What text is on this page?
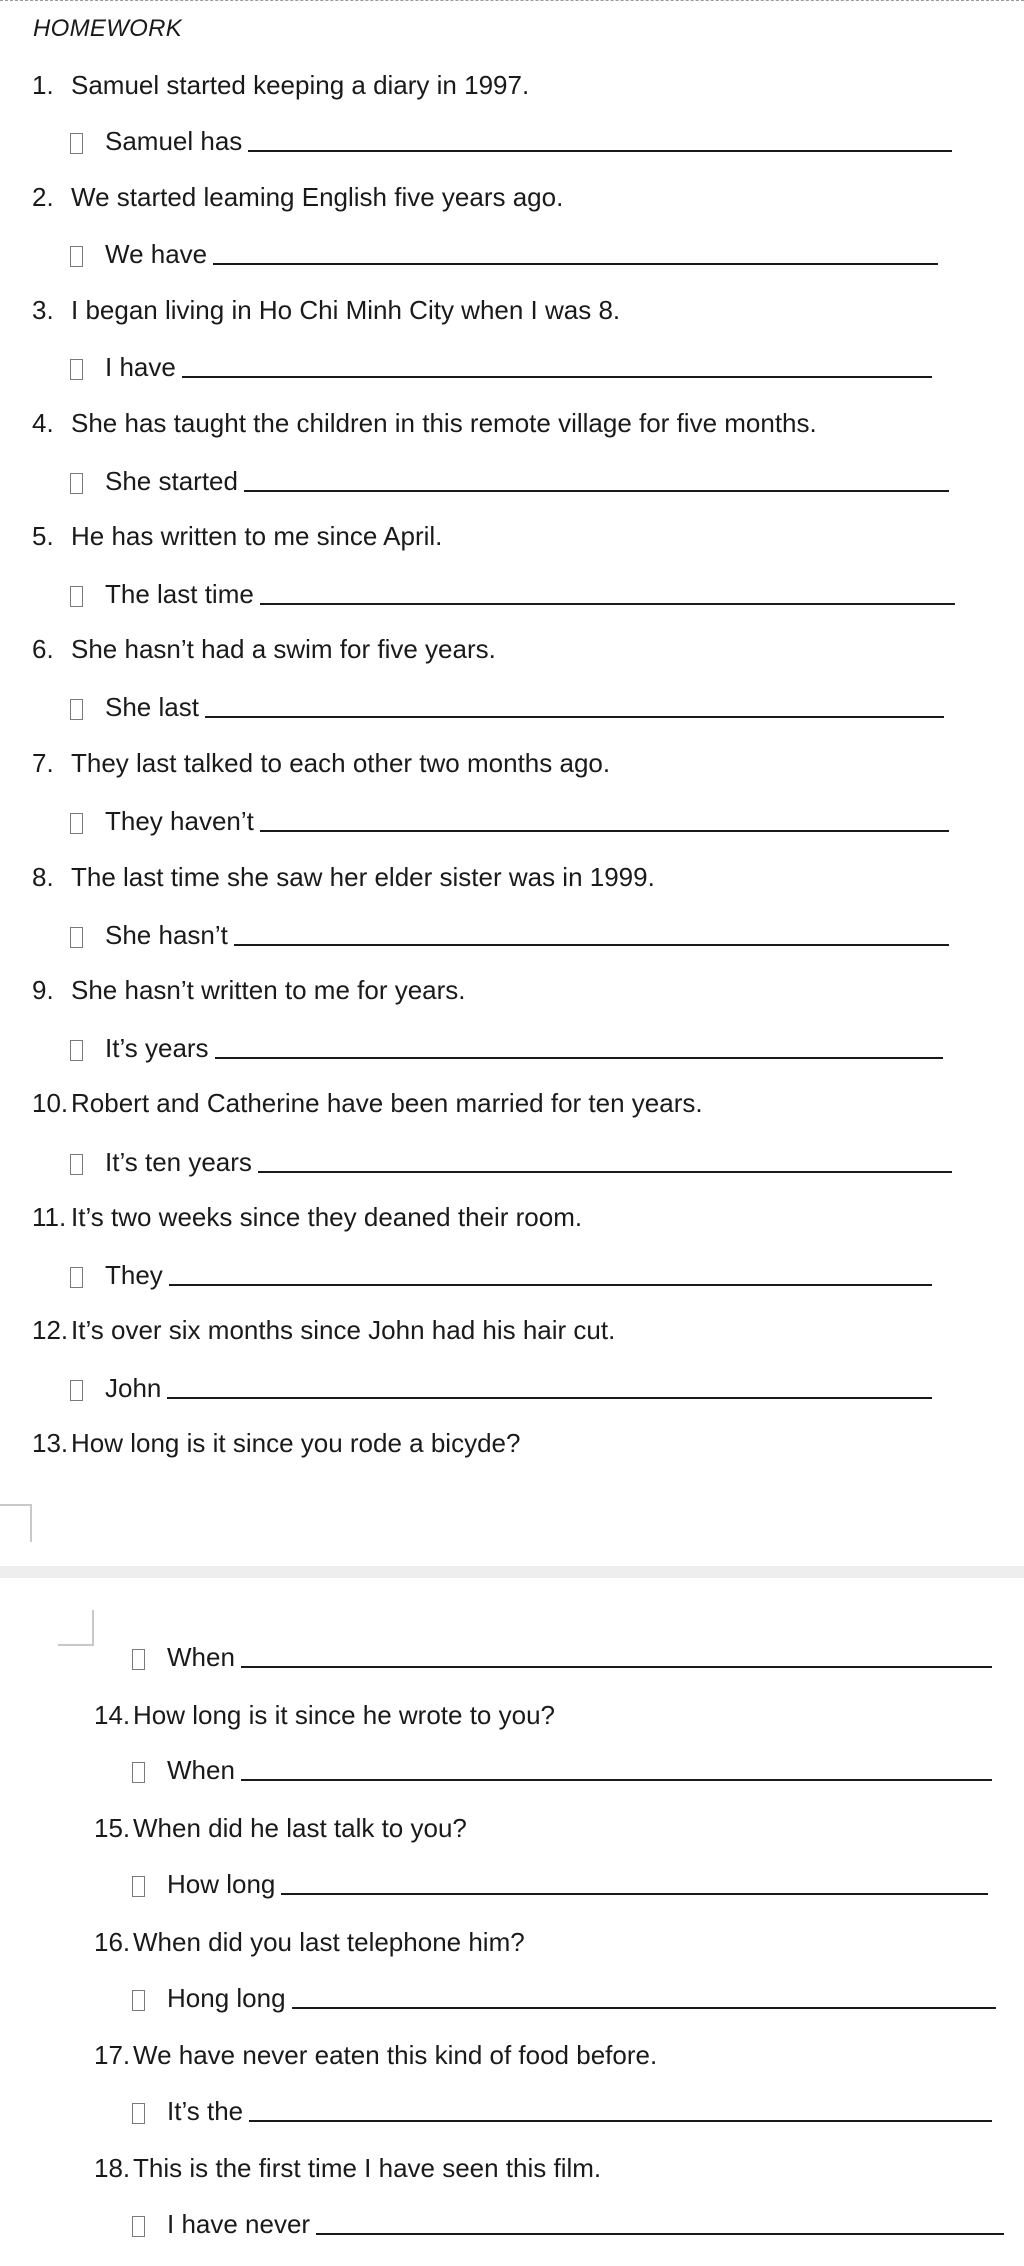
HOMEWORK
1. Samuel started keeping a diary in 1997.
Samuel has
2. We started leaming English five years ago.
We have
3. I began living in Ho Chi Minh City when I was 8.
I have
4. She has taught the children in this remote village for five months.
She started
5. He has written to me since April.
The last time
6. She hasn’t had a swim for five years.
She last
7. They last talked to each other two months ago.
They haven’t
8. The last time she saw her elder sister was in 1999.
She hasn’t
9. She hasn’t written to me for years.
It’s years
10. Robert and Catherine have been married for ten years.
It’s ten years
11. It’s two weeks since they deaned their room.
They
12. It’s over six months since John had his hair cut.
John
13. How long is it since you rode a bicyde?
When
14. How long is it since he wrote to you?
When
15. When did he last talk to you?
How long
16. When did you last telephone him?
Hong long
17. We have never eaten this kind of food before.
It’s the
18. This is the first time I have seen this film.
I have never
